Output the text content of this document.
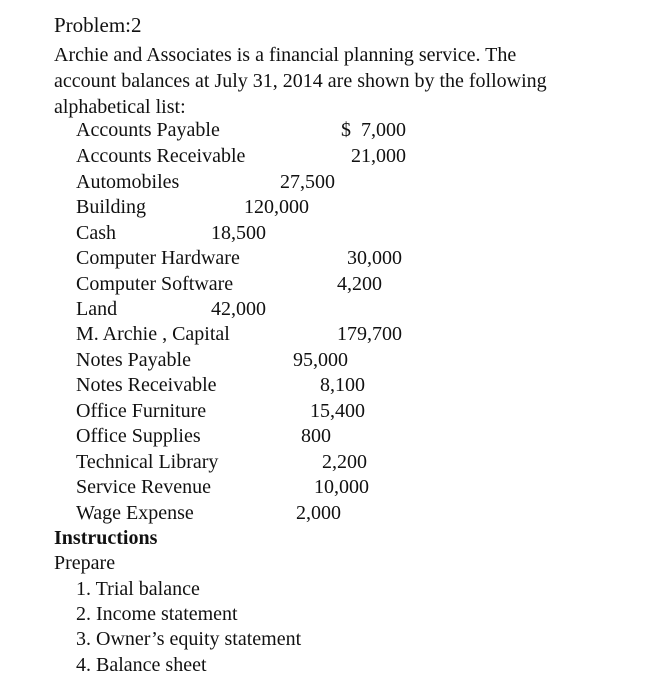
Problem:2
Archie and Associates is a financial planning service. The
account balances at July 31, 2014 are shown by the following
alphabetical list:
Accounts Payable	$  7,000
Accounts Receivable	21,000
Automobiles	27,500
Building	120,000
Cash	18,500
Computer Hardware	30,000
Computer Software	4,200
Land	42,000
M. Archie , Capital	179,700
Notes Payable	95,000
Notes Receivable	8,100
Office Furniture	15,400
Office Supplies	800
Technical Library	2,200
Service Revenue	10,000
Wage Expense	2,000
Instructions
Prepare
1. Trial balance
2. Income statement
3. Owner’s equity statement
4. Balance sheet
